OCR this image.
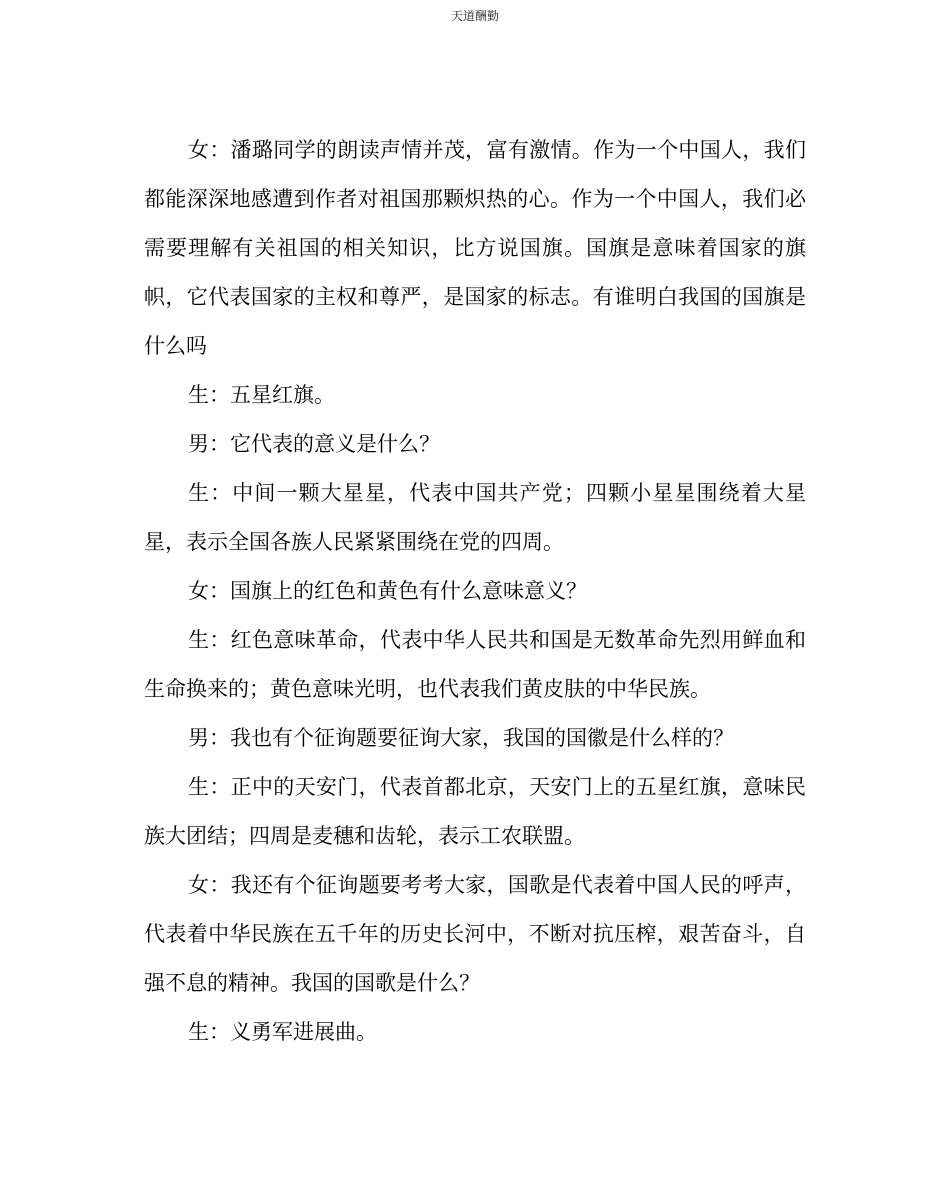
天道酬勤

女：潘璐同学的朗读声情并茂，富有激情。作为一个中国人，我们都能深深地感遭到作者对祖国那颗炽热的心。作为一个中国人，我们必需要理解有关祖国的相关知识，比方说国旗。国旗是意味着国家的旗帜，它代表国家的主权和尊严，是国家的标志。有谁明白我国的国旗是什么吗

生：五星红旗。

男：它代表的意义是什么？

生：中间一颗大星星，代表中国共产党；四颗小星星围绕着大星星，表示全国各族人民紧紧围绕在党的四周。

女：国旗上的红色和黄色有什么意味意义？

生：红色意味革命，代表中华人民共和国是无数革命先烈用鲜血和生命换来的；黄色意味光明，也代表我们黄皮肤的中华民族。

男：我也有个征询题要征询大家，我国的国徽是什么样的？

生：正中的天安门，代表首都北京，天安门上的五星红旗，意味民族大团结；四周是麦穗和齿轮，表示工农联盟。

女：我还有个征询题要考考大家，国歌是代表着中国人民的呼声，代表着中华民族在五千年的历史长河中，不断对抗压榨，艰苦奋斗，自强不息的精神。我国的国歌是什么？

生：义勇军进展曲。
